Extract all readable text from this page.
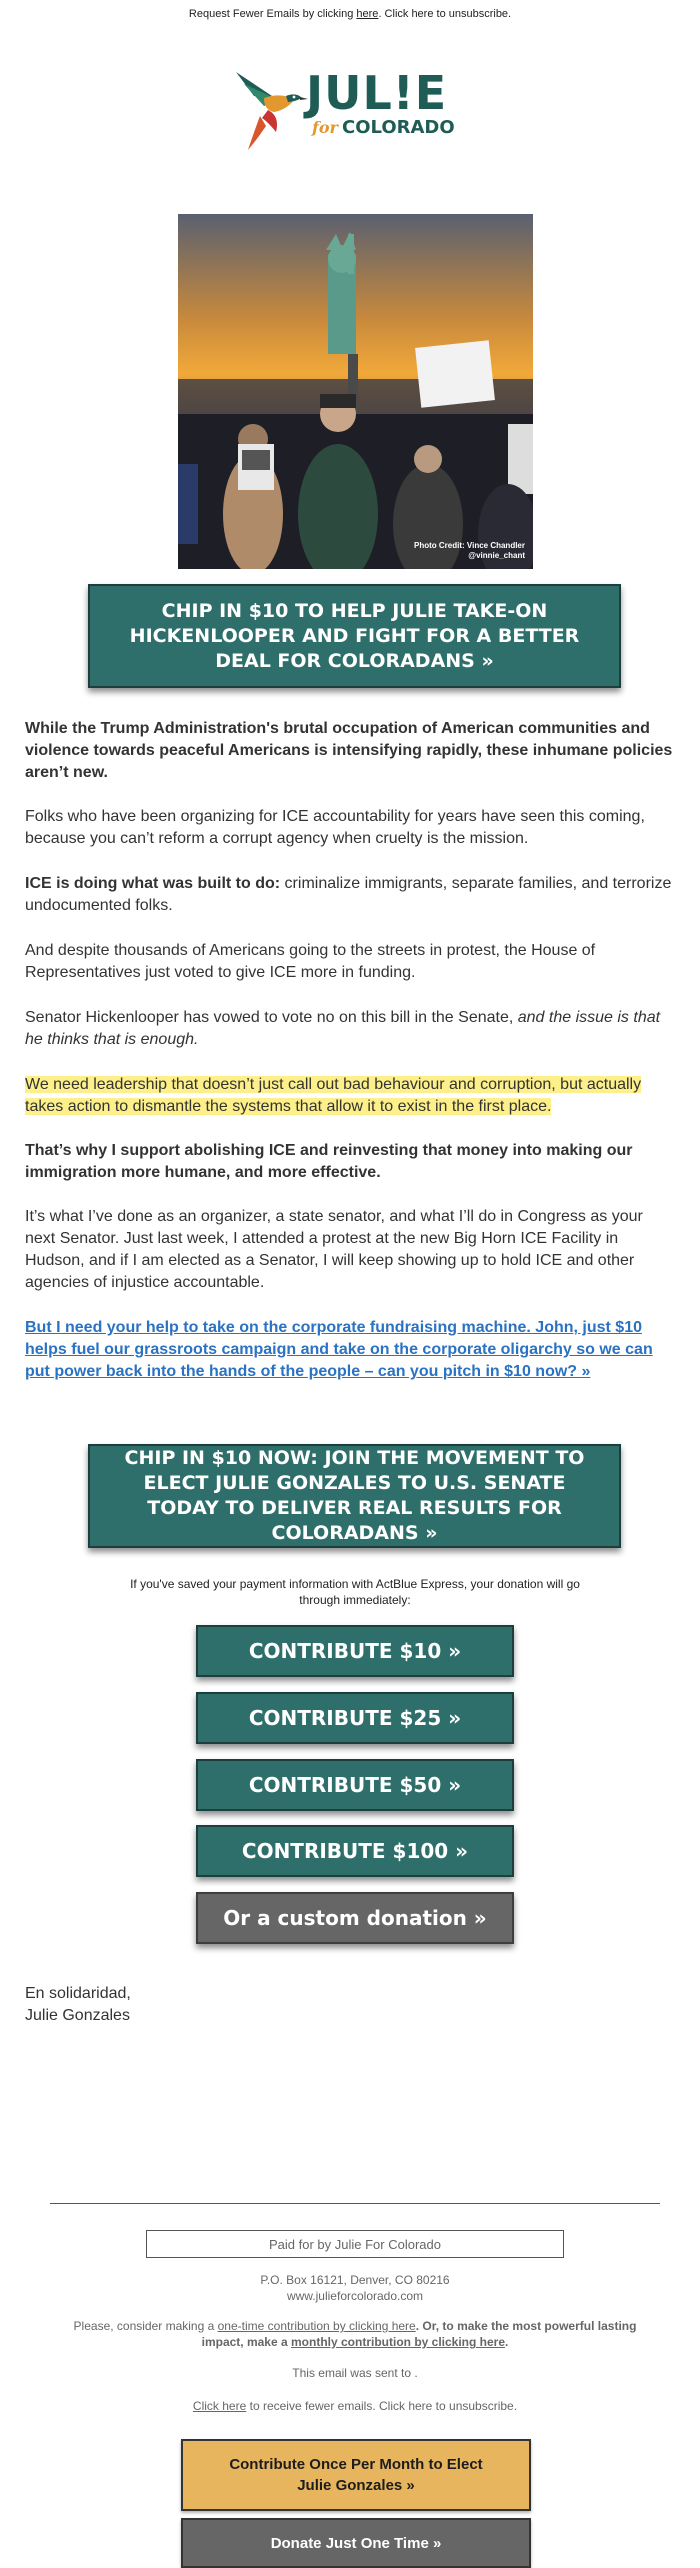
Request Fewer Emails by clicking here. Click here to unsubscribe.
JUL!E
for COLORADO
Photo Credit: Vince Chandler
@vinnie_chant
CHIP IN $10 TO HELP JULIE TAKE-ON HICKENLOOPER AND FIGHT FOR A BETTER DEAL FOR COLORADANS »
While the Trump Administration's brutal occupation of American communities and violence towards peaceful Americans is intensifying rapidly, these inhumane policies aren’t new.
Folks who have been organizing for ICE accountability for years have seen this coming, because you can’t reform a corrupt agency when cruelty is the mission.
ICE is doing what was built to do: criminalize immigrants, separate families, and terrorize undocumented folks.
And despite thousands of Americans going to the streets in protest, the House of Representatives just voted to give ICE more in funding.
Senator Hickenlooper has vowed to vote no on this bill in the Senate, and the issue is that he thinks that is enough.
We need leadership that doesn’t just call out bad behaviour and corruption, but actually takes action to dismantle the systems that allow it to exist in the first place.
That’s why I support abolishing ICE and reinvesting that money into making our immigration more humane, and more effective.
It’s what I’ve done as an organizer, a state senator, and what I’ll do in Congress as your next Senator. Just last week, I attended a protest at the new Big Horn ICE Facility in Hudson, and if I am elected as a Senator, I will keep showing up to hold ICE and other agencies of injustice accountable.
But I need your help to take on the corporate fundraising machine. John, just $10 helps fuel our grassroots campaign and take on the corporate oligarchy so we can put power back into the hands of the people – can you pitch in $10 now? »
CHIP IN $10 NOW: JOIN THE MOVEMENT TO ELECT JULIE GONZALES TO U.S. SENATE TODAY TO DELIVER REAL RESULTS FOR COLORADANS »
If you've saved your payment information with ActBlue Express, your donation will go through immediately:
CONTRIBUTE $10 »
CONTRIBUTE $25 »
CONTRIBUTE $50 »
CONTRIBUTE $100 »
Or a custom donation »
En solidaridad,
Julie Gonzales
Paid for by Julie For Colorado
P.O. Box 16121, Denver, CO 80216
www.julieforcolorado.com
Please, consider making a one-time contribution by clicking here. Or, to make the most powerful lasting impact, make a monthly contribution by clicking here.
This email was sent to .
Click here to receive fewer emails. Click here to unsubscribe.
Contribute Once Per Month to Elect Julie Gonzales »
Donate Just One Time »
